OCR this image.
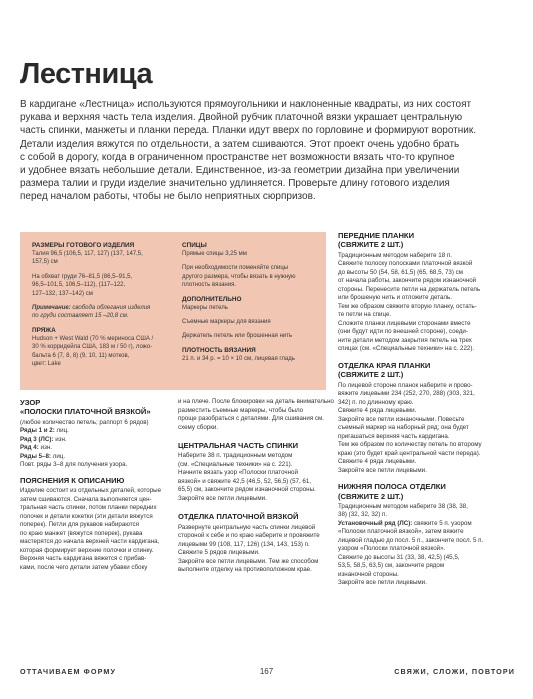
Лестница
В кардигане «Лестница» используются прямоугольники и наклоненные квадраты, из них состоят
рукава и верхняя часть тела изделия. Двойной рубчик платочной вязки украшает центральную
часть спинки, манжеты и планки переда. Планки идут вверх по горловине и формируют воротник.
Детали изделия вяжутся по отдельности, а затем сшиваются. Этот проект очень удобно брать
с собой в дорогу, когда в ограниченном пространстве нет возможности вязать что-то крупное
и удобнее вязать небольшие детали. Единственное, из-за геометрии дизайна при увеличении
размера талии и груди изделие значительно удлиняется. Проверьте длину готового изделия
перед началом работы, чтобы не было неприятных сюрпризов.
РАЗМЕРЫ ГОТОВОГО ИЗДЕЛИЯ
Талия 96,5 (106,5, 117, 127) (137, 147,5,
157,5) см
На обхват груди 76–81,5 (86,5–91,5,
96,5–101,5, 106,5–112), (117–122,
127–132, 137–142) см
Примечание: свобода облегания изделия
по груди составляет 15 –20,8 см.
ПРЯЖА
Hudson + West Wald (70 % мериноса США /
30 % корридейла США, 183 м / 50 г), ложо-
бальта 6 (7, 8, 8) (9, 10, 11) мотков,
цвет: Lake
СПИЦЫ
Прямые спицы 3,25 мм
При необходимости поменяйте спицы
другого размера, чтобы вязать в нужную
плотность вязания.
ДОПОЛНИТЕЛЬНО
Маркеры петель
Съемные маркеры для вязания
Держатель петель или брошенная нить
ПЛОТНОСТЬ ВЯЗАНИЯ
21 п. и 34 р. = 10 × 10 см, лицевая гладь
УЗОР
«ПОЛОСКИ ПЛАТОЧНОЙ ВЯЗКОЙ»
(любое количество петель; раппорт 6 рядов)
Ряды 1 и 2: лиц.
Ряд 3 (ЛС): изн.
Ряд 4: изн.
Ряды 5–8: лиц.
Повт. ряды 3–8 для получения узора.
ПОЯСНЕНИЯ К ОПИСАНИЮ
Изделие состоит из отдельных деталей, которые
затем сшиваются. Сначала выполняется цен-
тральная часть спинки, потом планки передних
полочек и детали кокетки (эти детали вяжутся
поперек). Петли для рукавов набираются
по краю манжет (вяжутся поперек), рукава
мастерятся до начала верхней части кардигана,
которая формирует верхние полочки и спинку.
Верхняя часть кардигана вяжется с прибав-
ками, после чего детали затем убавки сбоку
и на плече. После блокировки на деталь внимательно
разместить съемные маркеры, чтобы было
проще разобраться с деталями. Для сшивания см.
схему сборки.
ЦЕНТРАЛЬНАЯ ЧАСТЬ СПИНКИ
Наберите 38 п. традиционным методом
(см. «Специальные техники» на с. 221).
Начните вязать узор «Полоски платочной
вязкой» и свяжите 42,5 (46,5, 52, 56,5) (57, 61,
65,5) см, закончите рядом изнаночной стороны.
Закройте все петли лицевыми.
ОТДЕЛКА ПЛАТОЧНОЙ ВЯЗКОЙ
Развернуте центральную часть спинки лицевой
стороной к себе и по краю наберите и провяжите
лицевыми 99 (108, 117, 126) (134, 143, 153) п.
Свяжите 5 рядов лицевыми.
Закройте все петли лицевыми. Тем же способом
выполните отделку на противоположном крае.
ПЕРЕДНИЕ ПЛАНКИ
(СВЯЖИТЕ 2 ШТ.)
Традиционным методом наберите 18 п.
Свяжите полоску полосками платочной вязкой
до высоты 50 (54, 58, 61,5) (65, 68,5, 73) см
от начала работы, закончите рядом изнаночной
стороны. Перенесите петли на держатель петель
или брошеную нить и отложите деталь.
Тем же образом свяжите вторую планку, остать-
те петли на спице.
Сложите планки лицевыми сторонами вместе
(они будут идти по внешней стороне), соеди-
ните детали методом закрытия петель на трех
спицах (см. «Специальные техники» на с. 222).
ОТДЕЛКА КРАЯ ПЛАНКИ
(СВЯЖИТЕ 2 ШТ.)
По лицевой стороне планок наберите и прово-
вяжите лицевыми 234 (252, 270, 288) (303, 321,
342) п. по длинному краю.
Свяжите 4 ряда лицевыми.
Закройте все петли изнаночными. Повесьте
съемный маркер на наборный ряд; она будет
пригашаться верхняя часть кардигана.
Тем же образом по количеству петель по второму
краю (это будет край центральной части переда).
Свяжите 4 ряда лицевыми.
Закройте все петли лицевыми.
НИЖНЯЯ ПОЛОСА ОТДЕЛКИ
(СВЯЖИТЕ 2 ШТ.)
Традиционным методом наберите 38 (38, 38,
38) (32, 32, 32) п.
Установочный ряд (ЛС): свяжите 5 п. узором
«Полоски платочной вязкой», затем вяжите
лицевой гладью до посл. 5 п., закончите посл. 5 п.
узором «Полоски платочной вязкой».
Свяжите до высоты 31 (33, 38, 42,5) (45,5,
53,5, 58,5, 63,5) см, закончите рядом
изнаночной стороны.
Закройте все петли лицевыми.
ОТТАЧИВАЕМ ФОРМУ	167	СВЯЖИ, СЛОЖИ, ПОВТОРИ
